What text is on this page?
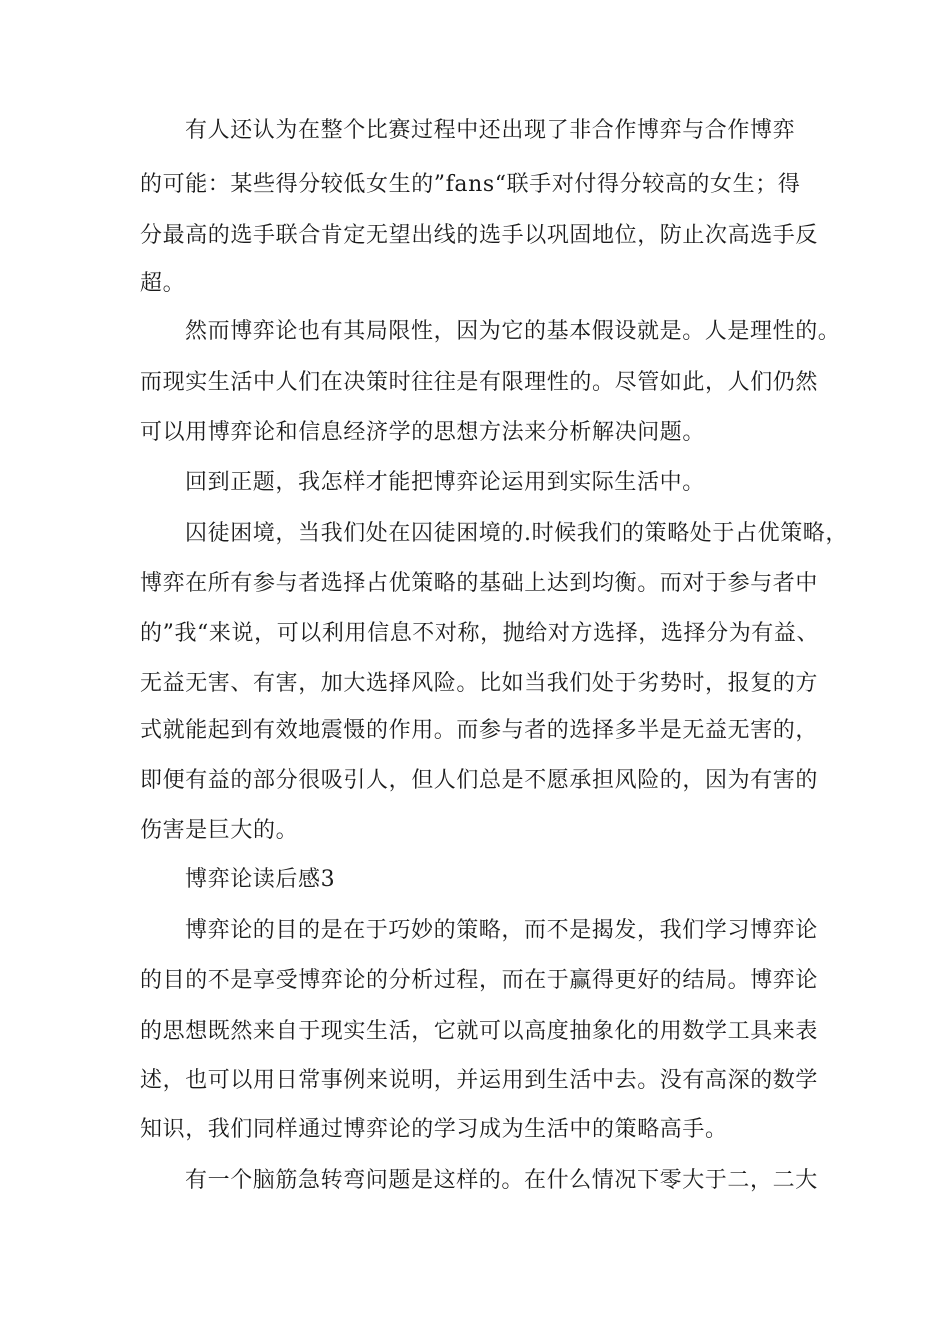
有人还认为在整个比赛过程中还出现了非合作博弈与合作博弈
的可能：某些得分较低女生的”fans“联手对付得分较高的女生；得
分最高的选手联合肯定无望出线的选手以巩固地位，防止次高选手反
超。
然而博弈论也有其局限性，因为它的基本假设就是。人是理性的。
而现实生活中人们在决策时往往是有限理性的。尽管如此，人们仍然
可以用博弈论和信息经济学的思想方法来分析解决问题。
回到正题，我怎样才能把博弈论运用到实际生活中。
囚徒困境，当我们处在囚徒困境的.时候我们的策略处于占优策略，
博弈在所有参与者选择占优策略的基础上达到均衡。而对于参与者中
的”我“来说，可以利用信息不对称，抛给对方选择，选择分为有益、
无益无害、有害，加大选择风险。比如当我们处于劣势时，报复的方
式就能起到有效地震慑的作用。而参与者的选择多半是无益无害的，
即便有益的部分很吸引人，但人们总是不愿承担风险的，因为有害的
伤害是巨大的。
博弈论读后感3
博弈论的目的是在于巧妙的策略，而不是揭发，我们学习博弈论
的目的不是享受博弈论的分析过程，而在于赢得更好的结局。博弈论
的思想既然来自于现实生活，它就可以高度抽象化的用数学工具来表
述，也可以用日常事例来说明，并运用到生活中去。没有高深的数学
知识，我们同样通过博弈论的学习成为生活中的策略高手。
有一个脑筋急转弯问题是这样的。在什么情况下零大于二，二大
